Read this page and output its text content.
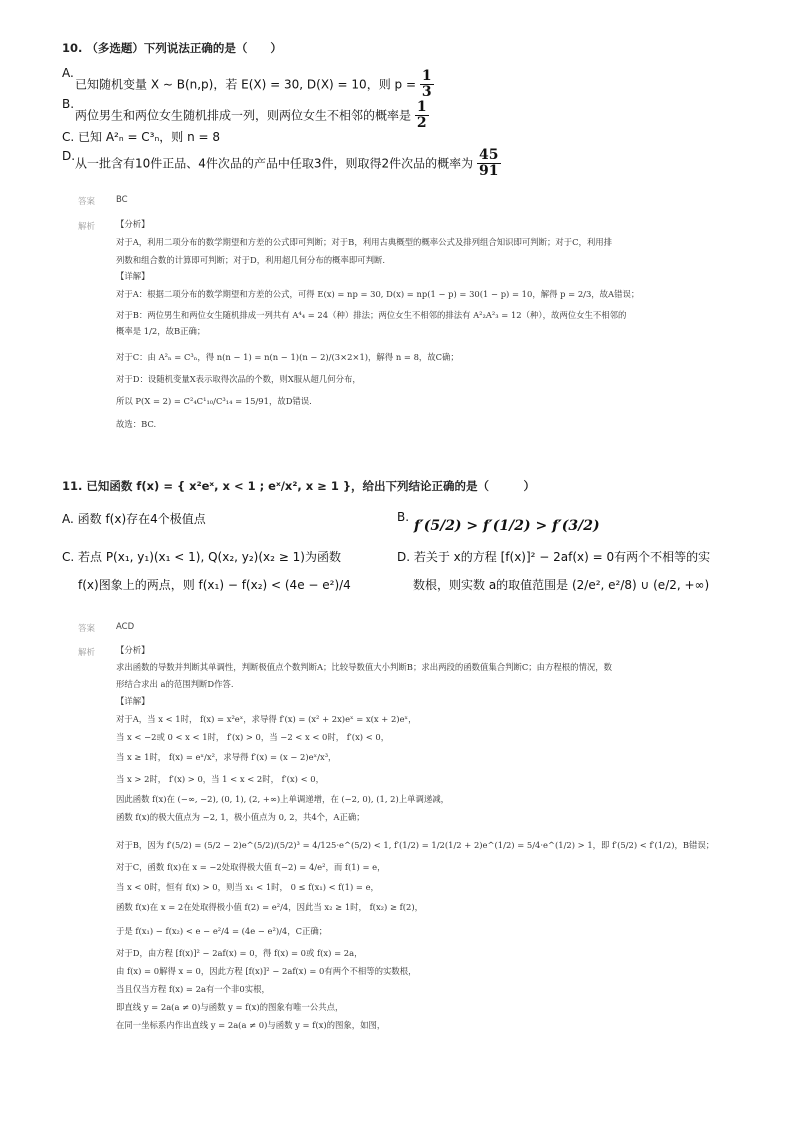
10. （多选题）下列说法正确的是（　　）
A.
已知随机变量 X ∼ B(n,p)，若 E(X) = 30, D(X) = 10，则 $p = \frac{1}{3}$
B.
两位男生和两位女生随机排成一列，则两位女生不相邻的概率是 $\frac{1}{2}$
C. 已知 A²ₙ = C³ₙ，则 n = 8
D.
从一批含有10件正品、4件次品的产品中任取3件，则取得2件次品的概率为 $\frac{45}{91}$
答案 BC
解析 【分析】
对于A，利用二项分布的数学期望和方差的公式即可判断；对于B，利用古典概型的概率公式及排列组合知识即可判断；对于C，利用排
列数和组合数的计算即可判断；对于D，利用超几何分布的概率即可判断.
【详解】
对于A：根据二项分布的数学期望和方差的公式，可得 E(x) = np = 30, D(x) = np(1 − p) = 30(1 − p) = 10，解得 p = 2/3，故A错误；
对于B：两位男生和两位女生随机排成一列共有 A⁴₄ = 24（种）排法；两位女生不相邻的排法有 A²₂A²₃ = 12（种），故两位女生不相邻的
概率是 1/2，故B正确；
对于C：由 A²ₙ = C³ₙ，得 n(n − 1) = n(n − 1)(n − 2)/(3×2×1)，解得 n = 8，故C确；
对于D：设随机变量X表示取得次品的个数，则X服从超几何分布，
所以 P(X = 2) = C²₄C¹₁₀/C³₁₄ = 15/91，故D错误.
故选：BC.
11. 已知函数 f(x) = { x²eˣ, x < 1 ; eˣ/x², x ≥ 1 }，给出下列结论正确的是（　　　）
A. 函数 f(x)存在4个极值点	B.
f′(5/2) > f′(1/2) > f′(3/2)
C. 若点 P(x₁, y₁)(x₁ < 1), Q(x₂, y₂)(x₂ ≥ 1)为函数
f(x)图象上的两点，则 f(x₁) − f(x₂) < (4e − e²)/4
D. 若关于 x的方程 [f(x)]² − 2af(x) = 0有两个不相等的实
数根，则实数 a的取值范围是 (2/e², e²/8) ∪ (e/2, +∞)
答案 ACD
解析 【分析】
求出函数的导数并判断其单调性，判断极值点个数判断A；比较导数值大小判断B；求出两段的函数值集合判断C；由方程根的情况，数
形结合求出 a的范围判断D作答.
【详解】
对于A，当 x < 1时， f(x) = x²eˣ，求导得 f′(x) = (x² + 2x)eˣ = x(x + 2)eˣ，
当 x < −2或 0 < x < 1时， f′(x) > 0，当 −2 < x < 0时， f′(x) < 0，
当 x ≥ 1时， f(x) = eˣ/x²，求导得 f′(x) = (x − 2)eˣ/x³，
当 x > 2时， f′(x) > 0，当 1 < x < 2时， f′(x) < 0，
因此函数 f(x)在 (−∞, −2), (0, 1), (2, +∞)上单调递增，在 (−2, 0), (1, 2)上单调递减，
函数 f(x)的极大值点为 −2, 1，极小值点为 0, 2，共4个，A正确；
对于B，因为 f′(5/2) = (5/2 − 2)e^(5/2)/(5/2)³ = 4/125·e^(5/2) < 1, f′(1/2) = 1/2(1/2 + 2)e^(1/2) = 5/4·e^(1/2) > 1，即 f′(5/2) < f′(1/2)，B错误；
对于C，函数 f(x)在 x = −2处取得极大值 f(−2) = 4/e²，而 f(1) = e，
当 x < 0时，恒有 f(x) > 0，则当 x₁ < 1时， 0 ≤ f(x₁) < f(1) = e，
函数 f(x)在 x = 2在处取得极小值 f(2) = e²/4，因此当 x₂ ≥ 1时， f(x₂) ≥ f(2)，
于是 f(x₁) − f(x₂) < e − e²/4 = (4e − e²)/4，C正确；
对于D，由方程 [f(x)]² − 2af(x) = 0，得 f(x) = 0或 f(x) = 2a，
由 f(x) = 0解得 x = 0，因此方程 [f(x)]² − 2af(x) = 0有两个不相等的实数根，
当且仅当方程 f(x) = 2a有一个非0实根，
即直线 y = 2a(a ≠ 0)与函数 y = f(x)的图象有唯一公共点，
在同一坐标系内作出直线 y = 2a(a ≠ 0)与函数 y = f(x)的图象，如图，
